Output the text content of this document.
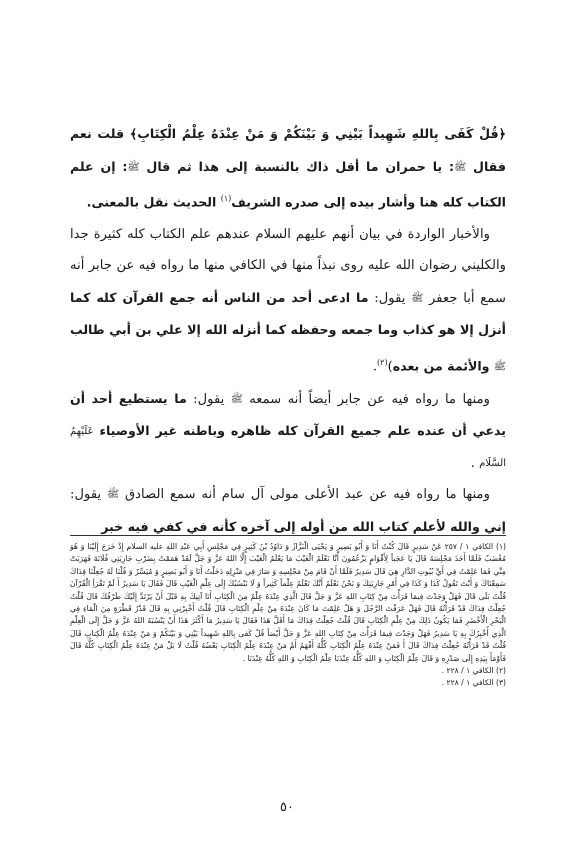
﴿قُلْ كَفَى بِاللهِ شَهِيداً بَيْنِي وَ بَيْنَكُمْ وَ مَنْ عِنْدَهُ عِلْمُ الْكِتَابِ﴾ قلت نعم فقال ﷺ: يا حمران ما أقل ذاك بالنسبة إلى هذا ثم قال ﷺ: إن علم الكتاب كله هنا وأشار بيده إلى صدره الشريف$^{(١)}$ الحديث نقل بالمعنى.

والأخبار الواردة في بيان أنهم عليهم السلام عندهم علم الكتاب كله كثيرة جدا والكليني رضوان الله عليه روى نبذاً منها في الكافي منها ما رواه فيه عن جابر أنه سمع أبا جعفر ﷺ يقول: ما ادعى أحد من الناس أنه جمع القرآن كله كما أنزل إلا هو كذاب وما جمعه وحفظه كما أنزله الله إلا علي بن أبي طالب ﷺ والأئمة من بعده)$^{(٢)}$.

ومنها ما رواه فيه عن جابر أيضاً أنه سمعه ﷺ يقول: ما يستطيع أحد أن يدعي أن عنده علم جميع القرآن كله ظاهره وباطنه غير الأوصياء عَلَيْهِمُ السَّلَام .

ومنها ما رواه فيه عن عبد الأعلى مولى آل سام أنه سمع الصادق ﷺ يقول: إني والله لأعلم كتاب الله من أوله إلى آخره كأنه في كفي فيه خبر

(١) الكافي ١ / ٢٥٧ عَنْ سَدِيرٍ قَالَ كُنْتُ أَنَا وَ أَبُو بَصِيرٍ وَ يَحْيَى الْبَزَّازُ وَ دَاوُدُ بْنُ كَثِيرٍ فِي مَجْلِسِ أَبِي عَبْدِ اللهِ عليه السلام إِذْ خَرَجَ إِلَيْنَا وَ هُوَ مُغْضَبٌ فَلَمَّا أَخَذَ مَجْلِسَهُ قَالَ يَا عَجَباً لِأَقْوَامٍ يَزْعُمُونَ أَنَّا نَعْلَمُ الْغَيْبَ مَا يَعْلَمُ الْغَيْبَ إِلَّا اللهُ عَزَّ وَ جَلَّ لَقَدْ هَمَمْتُ بِضَرْبِ جَارِيَتِي فُلَانَةَ فَهَرَبَتْ مِنِّي فَمَا عَلِمْتُ فِي أَيِّ بُيُوتِ الدَّارِ هِيَ قَالَ سَدِيرٌ فَلَمَّا أَنْ قَامَ مِنْ مَجْلِسِهِ وَ صَارَ فِي مَنْزِلِهِ دَخَلْتُ أَنَا وَ أَبُو بَصِيرٍ وَ مُيَسِّرٌ وَ قُلْنَا لَهُ جُعِلْنَا فِدَاكَ سَمِعْنَاكَ وَ أَنْتَ تَقُولُ كَذَا وَ كَذَا فِي أَمْرِ جَارِيَتِكَ وَ نَحْنُ نَعْلَمُ أَنَّكَ تَعْلَمُ عِلْماً كَثِيراً وَ لَا نَنْسُبُكَ إِلَى عِلْمِ الْغَيْبِ قَالَ فَقَالَ يَا سَدِيرُ أَ لَمْ تَقْرَأِ الْقُرْآنَ قُلْتُ بَلَى قَالَ فَهَلْ وَجَدْتَ فِيمَا قَرَأْتَ مِنْ كِتَابِ اللهِ عَزَّ وَ جَلَّ قَالَ الَّذِي عِنْدَهُ عِلْمٌ مِنَ الْكِتَابِ أَنَا آتِيكَ بِهِ قَبْلَ أَنْ يَرْتَدَّ إِلَيْكَ طَرْفُكَ قَالَ قُلْتُ جُعِلْتُ فِدَاكَ قَدْ قَرَأْتُهُ قَالَ فَهَلْ عَرَفْتَ الرَّجُلَ وَ هَلْ عَلِمْتَ مَا كَانَ عِنْدَهُ مِنْ عِلْمِ الْكِتَابِ قَالَ قُلْتُ أَخْبِرْنِي بِهِ قَالَ قَدْرُ قَطْرَةٍ مِنَ الْمَاءِ فِي الْبَحْرِ الْأَخْضَرِ فَمَا يَكُونُ ذَلِكَ مِنْ عِلْمِ الْكِتَابِ قَالَ قُلْتُ جُعِلْتُ فِدَاكَ مَا أَقَلَّ هَذَا فَقَالَ يَا سَدِيرُ مَا أَكْثَرَ هَذَا أَنْ يَنْسُبَهُ اللهُ عَزَّ وَ جَلَّ إِلَى الْعِلْمِ الَّذِي أُخْبِرُكَ بِهِ يَا سَدِيرُ فَهَلْ وَجَدْتَ فِيمَا قَرَأْتَ مِنْ كِتَابِ اللهِ عَزَّ وَ جَلَّ أَيْضاً قُلْ كَفى بِاللهِ شَهِيداً بَيْنِي وَ بَيْنَكُمْ وَ مَنْ عِنْدَهُ عِلْمُ الْكِتابِ قَالَ قُلْتُ قَدْ قَرَأْتُهُ جُعِلْتُ فِدَاكَ قَالَ أَ فَمَنْ عِنْدَهُ عِلْمُ الْكِتَابِ كُلُّهُ أَفْهَمُ أَمْ مَنْ عِنْدَهُ عِلْمُ الْكِتَابِ بَعْضُهُ قُلْتُ لَا بَلْ مَنْ عِنْدَهُ عِلْمُ الْكِتَابِ كُلُّهُ قَالَ فَأَوْمَأَ بِيَدِهِ إِلَى صَدْرِهِ وَ قَالَ عِلْمُ الْكِتَابِ وَ اللهِ كُلُّهُ عِنْدَنَا عِلْمُ الْكِتَابِ وَ اللهِ كُلُّهُ عِنْدَنَا .

(٢) الكافي ١ / ٢٢٨ .

(٣) الكافي ١ / ٢٢٨ .

٥٠
